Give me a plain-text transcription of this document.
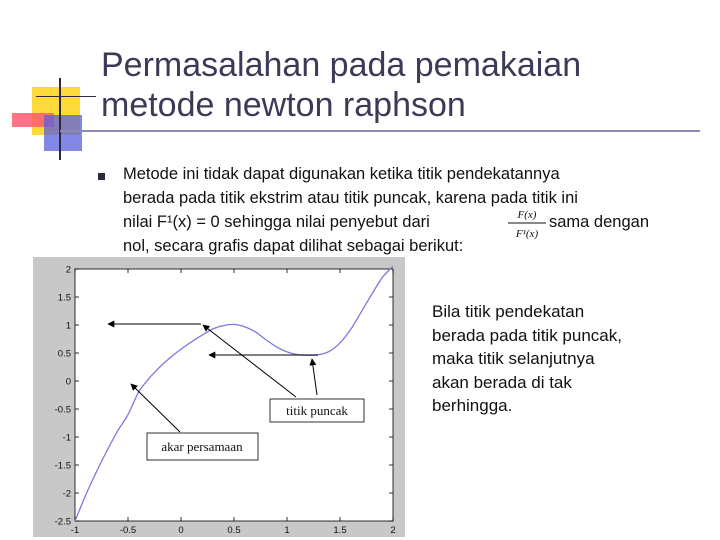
Permasalahan pada pemakaian
metode newton raphson
Metode ini tidak dapat digunakan ketika titik pendekatannya
berada pada titik ekstrim atau titik puncak, karena pada titik ini
nilai F¹(x) = 0 sehingga nilai penyebut dari	sama dengan
nol, secara grafis dapat dilihat sebagai berikut:
F(x)
F¹(x)
Bila titik pendekatan
berada pada titik puncak,
maka titik selanjutnya
akan berada di tak
berhingga.
-1	-0.5	0	0.5	1	1.5	2
2
1.5
1
0.5
0
-0.5
-1
-1.5
-2
-2.5
titik puncak
akar persamaan
